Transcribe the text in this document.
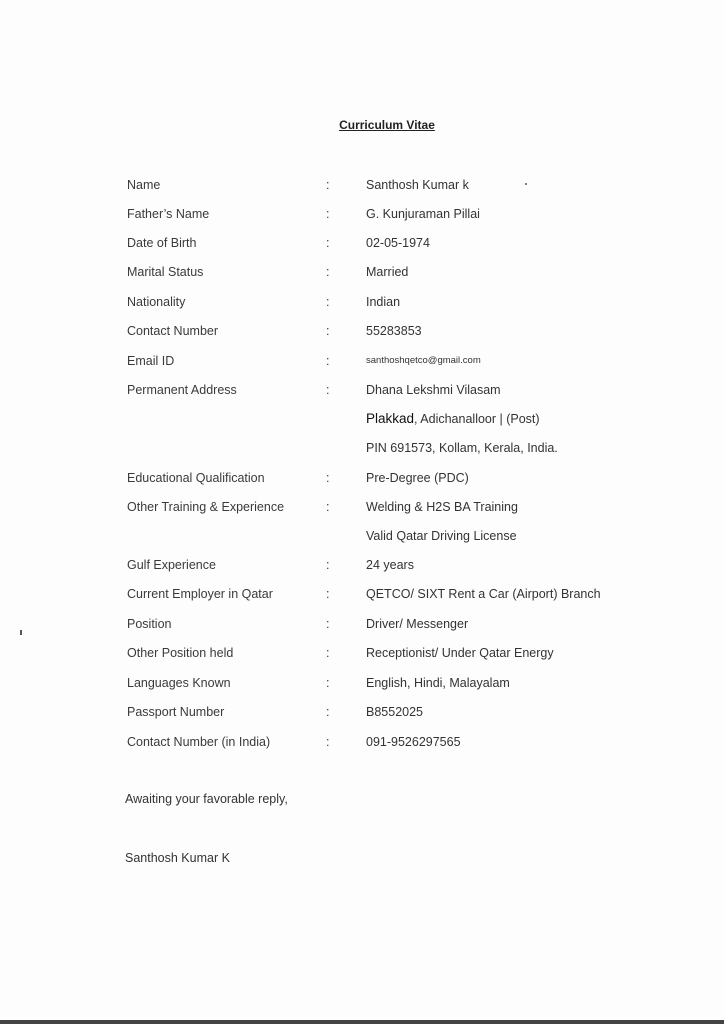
Curriculum Vitae
Name	:	Santhosh Kumar k
Father’s Name	:	G. Kunjuraman Pillai
Date of Birth	:	02-05-1974
Marital Status	:	Married
Nationality	:	Indian
Contact Number	:	55283853
Email ID	:	santhoshqetco@gmail.com
Permanent Address	:	Dhana Lekshmi Vilasam
Plakkad, Adichanalloor | (Post)
PIN 691573, Kollam, Kerala, India.
Educational Qualification	:	Pre-Degree (PDC)
Other Training & Experience	:	Welding & H2S BA Training
Valid Qatar Driving License
Gulf Experience	:	24 years
Current Employer in Qatar	:	QETCO/ SIXT Rent a Car (Airport) Branch
Position	:	Driver/ Messenger
Other Position held	:	Receptionist/ Under Qatar Energy
Languages Known	:	English, Hindi, Malayalam
Passport Number	:	B8552025
Contact Number (in India)	:	091-9526297565
Awaiting your favorable reply,
Santhosh Kumar K
